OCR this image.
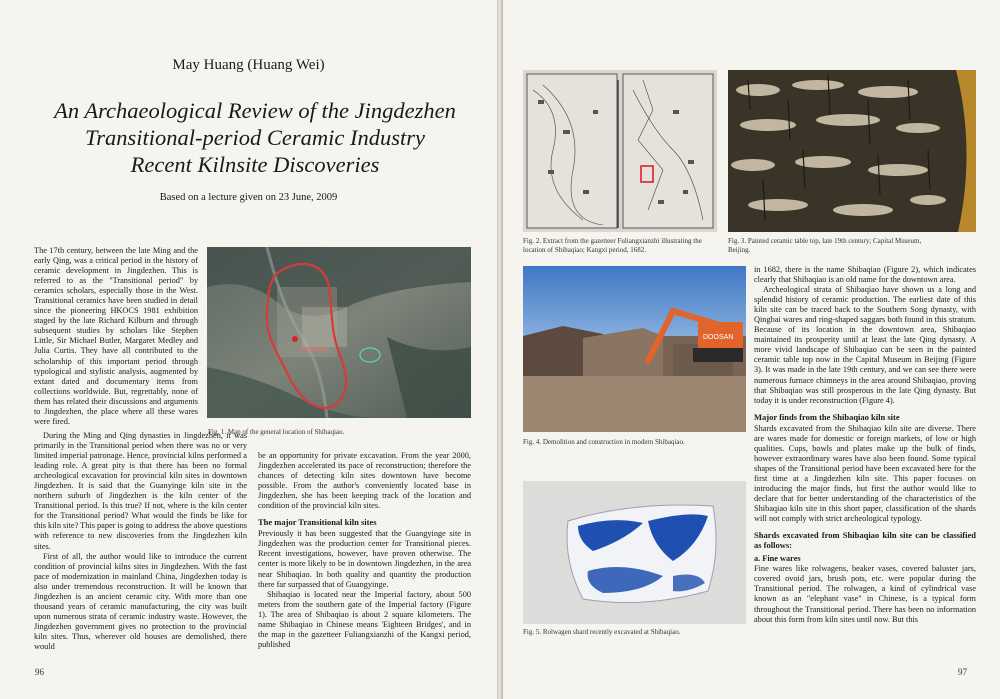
May Huang (Huang Wei)
An Archaeological Review of the Jingdezhen
Transitional-period Ceramic Industry
Recent Kilnsite Discoveries
Based on a lecture given on 23 June, 2009
Shibaqiao
Fig. 1. Map of the general location of Shibaqiao.

The 17th century, between the late Ming and the early Qing, was a critical period in the history of ceramic development in Jingdezhen. This is referred to as the "Transitional period" by ceramics scholars, especially those in the West. Transitional ceramics have been studied in detail since the pioneering HKOCS 1981 exhibition staged by the late Richard Kilburn and through subsequent studies by scholars like Stephen Little, Sir Michael Butler, Margaret Medley and Julia Curtis. They have all contributed to the scholarship of this important period through typological and stylistic analysis, augmented by extant dated and documentary items from collections worldwide. But, regrettably, none of them has related their discussions and arguments to Jingdezhen, the place where all these wares were fired.

During the Ming and Qing dynasties in Jingdezhen, it was primarily in the Transitional period when there was no or very limited imperial patronage. Hence, provincial kilns performed a leading role. A great pity is that there has been no formal archeological excavation for provincial kiln sites in downtown Jingdezhen. It is said that the Guanyinge kiln site in the northern suburb of Jingdezhen is the kiln center of the Transitional period. Is this true? If not, where is the kiln center for the Transitional period? What would the finds be like for this kiln site? This paper is going to address the above questions with reference to new discoveries from the Jingdezhen kiln sites.

First of all, the author would like to introduce the current condition of provincial kilns sites in Jingdezhen. With the fast pace of modernization in mainland China, Jingdezhen today is also under tremendous reconstruction. It will be known that Jingdezhen is an ancient ceramic city. With more than one thousand years of ceramic manufacturing, the city was built upon numerous strata of ceramic industry waste. However, the Jingdezhen government gives no protection to the provincial kiln sites. Thus, wherever old houses are demolished, there would

be an opportunity for private excavation. From the year 2000, Jingdezhen accelerated its pace of reconstruction; therefore the chances of detecting kiln sites downtown have become possible. From the author's conveniently located base in Jingdezhen, she has been keeping track of the location and condition of the provincial kiln sites.

The major Transitional kiln sites

Previously it has been suggested that the Guangyinge site in Jingdezhen was the production center for Transitional pieces. Recent investigations, however, have proven otherwise. The center is more likely to be in downtown Jingdezhen, in the area near Shibaqiao. In both quality and quantity the production there far surpassed that of Guangyinge.

Shibaqiao is located near the Imperial factory, about 500 meters from the southern gate of the Imperial factory (Figure 1). The area of Shibaqiao is about 2 square kilometers. The name Shibaqiao in Chinese means 'Eighteen Bridges', and in the map in the gazetteer Fuliangxianzhi of the Kangxi period, published

96
Fig. 2. Extract from the gazetteer Fuliangxianzhi illustrating the location of Shibaqiao; Kangxi period, 1682.
Fig. 3. Painted ceramic table top, late 19th century; Capital Museum, Beijing.
DOOSAN
Fig. 4. Demolition and construction in modern Shibaqiao.
Fig. 5. Rolwagen shard recently excavated at Shibaqiao.

in 1682, there is the name Shibaqiao (Figure 2), which indicates clearly that Shibaqiao is an old name for the downtown area.

Archeological strata of Shibaqiao have shown us a long and splendid history of ceramic production. The earliest date of this kiln site can be traced back to the Southern Song dynasty, with Qingbai wares and ring-shaped saggars both found in this stratum. Because of its location in the downtown area, Shibaqiao maintained its prosperity until at least the late Qing dynasty. A more vivid landscape of Shibaqiao can be seen in the painted ceramic table top now in the Capital Museum in Beijing (Figure 3). It was made in the late 19th century, and we can see there were numerous furnace chimneys in the area around Shibaqiao, proving that Shibaqiao was still prosperous in the late Qing dynasty. But today it is under reconstruction (Figure 4).

Major finds from the Shibaqiao kiln site

Shards excavated from the Shibaqiao kiln site are diverse. There are wares made for domestic or foreign markets, of low or high qualities. Cups, bowls and plates make up the bulk of finds, however extraordinary wares have also been found. Some typical shapes of the Transitional period have been excavated here for the first time at a Jingdezhen kiln site. This paper focuses on introducing the major finds, but first the author would like to declare that for better understanding of the characteristics of the Shibaqiao kiln site in this short paper, classification of the shards will not comply with strict archeological typology.

Shards excavated from Shibaqiao kiln site can be classified as follows:

a. Fine wares

Fine wares like rolwagens, beaker vases, covered baluster jars, covered ovoid jars, brush pots, etc. were popular during the Transitional period. The rolwagen, a kind of cylindrical vase known as an "elephant vase" in Chinese, is a typical form throughout the Transitional period. There has been no information about this form from kiln sites until now. But this

97
